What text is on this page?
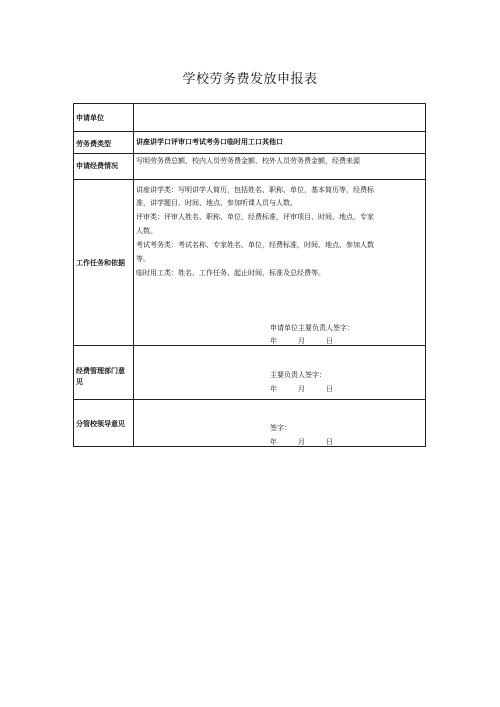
学校劳务费发放申报表
申请单位
劳务费类型	讲座讲学口评审口考试考务口临时用工口其他口
申请经费情况
写明劳务费总额、校内人员劳务费金额、校外人员劳务费金额，经费来源
工作任务和依据
讲座讲学类：写明讲学人简历，包括姓名、职称、单位，基本简历等，经费标
准，讲学题目、时间、地点、参加听课人员与人数。
评审类：评审人姓名、职称、单位，经费标准，评审项目、时间、地点、专家
人数。
考试考务类：考试名称、专家姓名、单位，经费标准，时间、地点、参加人数
等。
临时用工类：姓名、工作任务、起止时间，标准及总经费等。
申请单位主要负责人签字：
年　　　月　　　日
经费管理部门意
见
主要负责人签字：
年　　　月　　　日
分管校领导意见	签字：
年　　　月　　　日
